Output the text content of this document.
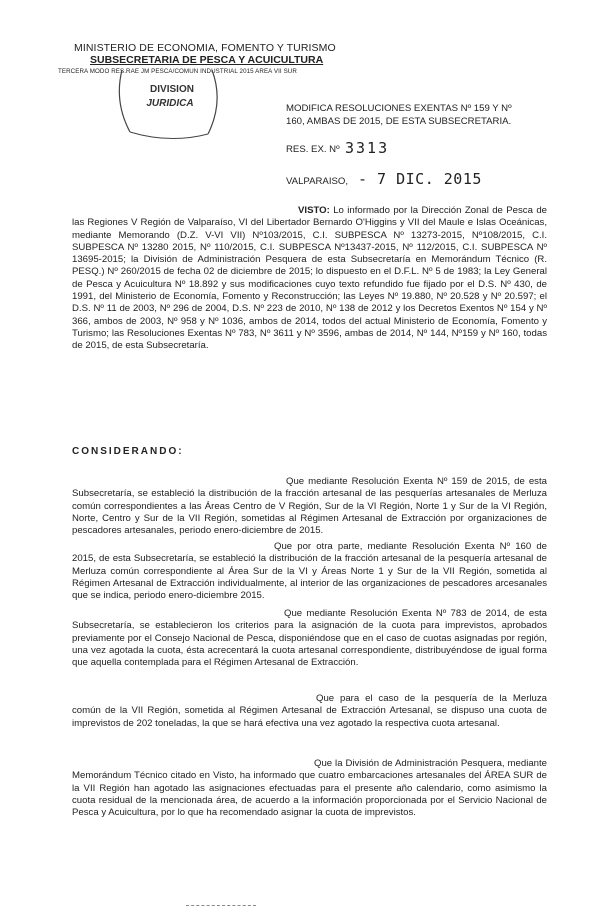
MINISTERIO DE ECONOMIA, FOMENTO Y TURISMO
SUBSECRETARIA DE PESCA Y ACUICULTURA
TERCERA MODO RES.RAE JM PESCA/COMUN INDUSTRIAL 2015 AREA VII SUR
DIVISION
JURIDICA	MODIFICA RESOLUCIONES EXENTAS Nº 159 Y Nº 160, AMBAS DE 2015, DE ESTA SUBSECRETARIA.
RES. EX. Nº 3313
VALPARAISO, - 7 DIC. 2015
VISTO: Lo informado por la Dirección Zonal de Pesca de las Regiones V Región de Valparaíso, VI del Libertador Bernardo O'Higgins y VII del Maule e Islas Oceánicas, mediante Memorando (D.Z. V-VI VII) Nº103/2015, C.I. SUBPESCA Nº 13273-2015, Nº108/2015, C.I. SUBPESCA Nº 13280 2015, Nº 110/2015, C.I. SUBPESCA Nº13437-2015, Nº 112/2015, C.I. SUBPESCA Nº 13695-2015; la División de Administración Pesquera de esta Subsecretaría en Memorándum Técnico (R. PESQ.) Nº 260/2015 de fecha 02 de diciembre de 2015; lo dispuesto en el D.F.L. Nº 5 de 1983; la Ley General de Pesca y Acuicultura Nº 18.892 y sus modificaciones cuyo texto refundido fue fijado por el D.S. Nº 430, de 1991, del Ministerio de Economía, Fomento y Reconstrucción; las Leyes Nº 19.880, Nº 20.528 y Nº 20.597; el D.S. Nº 11 de 2003, Nº 296 de 2004, D.S. Nº 223 de 2010, Nº 138 de 2012 y los Decretos Exentos Nº 154 y Nº 366, ambos de 2003, Nº 958 y Nº 1036, ambos de 2014, todos del actual Ministerio de Economía, Fomento y Turismo; las Resoluciones Exentas Nº 783, Nº 3611 y Nº 3596, ambas de 2014, Nº 144, Nº159 y Nº 160, todas de 2015, de esta Subsecretaría.
CONSIDERANDO:
Que mediante Resolución Exenta Nº 159 de 2015, de esta Subsecretaría, se estableció la distribución de la fracción artesanal de las pesquerías artesanales de Merluza común correspondientes a las Áreas Centro de V Región, Sur de la VI Región, Norte 1 y Sur de la VI Región, Norte, Centro y Sur de la VII Región, sometidas al Régimen Artesanal de Extracción por organizaciones de pescadores artesanales, periodo enero-diciembre de 2015.
Que por otra parte, mediante Resolución Exenta Nº 160 de 2015, de esta Subsecretaría, se estableció la distribución de la fracción artesanal de la pesquería artesanal de Merluza común correspondiente al Área Sur de la VI y Áreas Norte 1 y Sur de la VII Región, sometida al Régimen Artesanal de Extracción individualmente, al interior de las organizaciones de pescadores arcesanales que se indica, periodo enero-diciembre 2015.
Que mediante Resolución Exenta Nº 783 de 2014, de esta Subsecretaría, se establecieron los criterios para la asignación de la cuota para imprevistos, aprobados previamente por el Consejo Nacional de Pesca, disponiéndose que en el caso de cuotas asignadas por región, una vez agotada la cuota, ésta acrecentará la cuota artesanal correspondiente, distribuyéndose de igual forma que aquella contemplada para el Régimen Artesanal de Extracción.
Que para el caso de la pesquería de la Merluza común de la VII Región, sometida al Régimen Artesanal de Extracción Artesanal, se dispuso una cuota de imprevistos de 202 toneladas, la que se hará efectiva una vez agotado la respectiva cuota artesanal.
Que la División de Administración Pesquera, mediante Memorándum Técnico citado en Visto, ha informado que cuatro embarcaciones artesanales del ÁREA SUR de la VII Región han agotado las asignaciones efectuadas para el presente año calendario, como asimismo la cuota residual de la mencionada área, de acuerdo a la información proporcionada por el Servicio Nacional de Pesca y Acuicultura, por lo que ha recomendado asignar la cuota de imprevistos.
